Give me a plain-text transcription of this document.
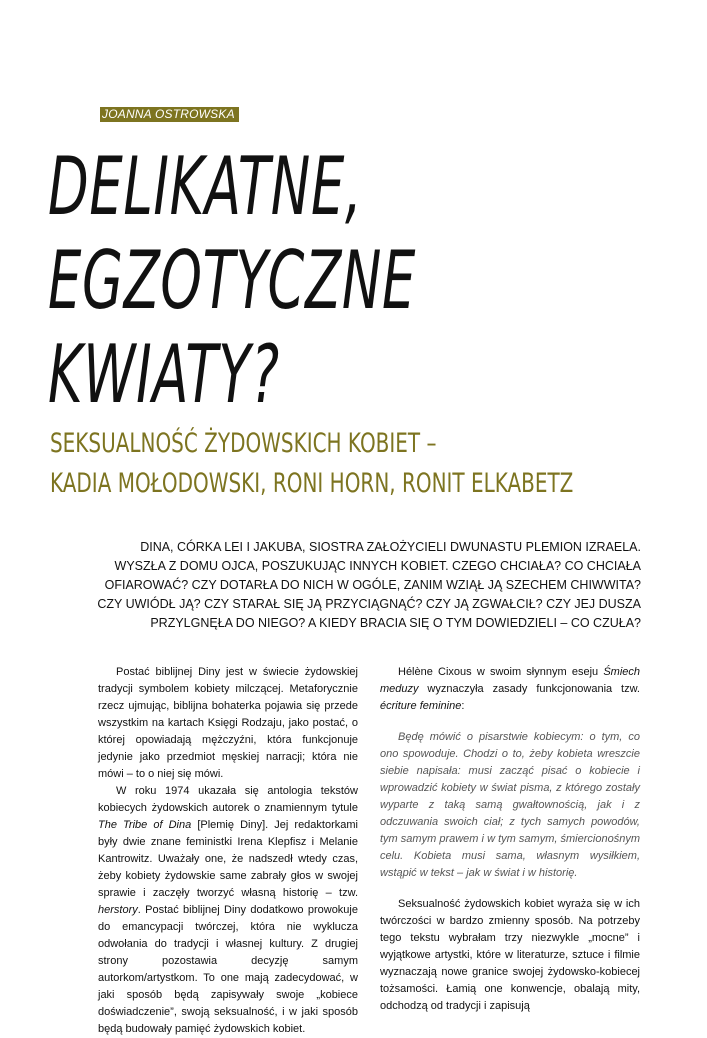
JOANNA OSTROWSKA
DELIKATNE,
EGZOTYCZNE
KWIATY?
SEKSUALNOŚĆ ŻYDOWSKICH KOBIET –
KADIA MOŁODOWSKI, RONI HORN, RONIT ELKABETZ
DINA, CÓRKA LEI I JAKUBA, SIOSTRA ZAŁOŻYCIELI DWUNASTU PLEMION IZRAELA.
WYSZŁA Z DOMU OJCA, POSZUKUJĄC INNYCH KOBIET. CZEGO CHCIAŁA? CO CHCIAŁA
OFIAROWAĆ? CZY DOTARŁA DO NICH W OGÓLE, ZANIM WZIĄŁ JĄ SZECHEM CHIWWITA?
CZY UWIÓDŁ JĄ? CZY STARAŁ SIĘ JĄ PRZYCIĄGNĄĆ? CZY JĄ ZGWAŁCIŁ? CZY JEJ DUSZA
PRZYLGNĘŁA DO NIEGO? A KIEDY BRACIA SIĘ O TYM DOWIEDZIELI – CO CZUŁA?

Postać biblijnej Diny jest w świecie żydowskiej tradycji symbolem kobiety milczącej. Metaforycznie rzecz ujmując, biblijna bohaterka pojawia się przede wszystkim na kartach Księgi Rodzaju, jako postać, o której opowiadają mężczyźni, która funkcjonuje jedynie jako przedmiot męskiej narracji; która nie mówi – to o niej się mówi.

W roku 1974 ukazała się antologia tekstów kobiecych żydowskich autorek o znamiennym tytule The Tribe of Dina [Plemię Diny]. Jej redaktorkami były dwie znane feministki Irena Klepfisz i Melanie Kantrowitz. Uważały one, że nadszedł wtedy czas, żeby kobiety żydowskie same zabrały głos w swojej sprawie i zaczęły tworzyć własną historię – tzw. herstory. Postać biblijnej Diny dodatkowo prowokuje do emancypacji twórczej, która nie wyklucza odwołania do tradycji i własnej kultury. Z drugiej strony pozostawia decyzję samym autorkom/artystkom. To one mają zadecydować, w jaki sposób będą zapisywały swoje „kobiece doświadczenie”, swoją seksualność, i w jaki sposób będą budowały pamięć żydowskich kobiet.

Hélène Cixous w swoim słynnym eseju Śmiech meduzy wyznaczyła zasady funkcjonowania tzw. écriture feminine:

Będę mówić o pisarstwie kobiecym: o tym, co ono spowoduje. Chodzi o to, żeby kobieta wreszcie siebie napisała: musi zacząć pisać o kobiecie i wprowadzić kobiety w świat pisma, z którego zostały wyparte z taką samą gwałtownością, jak i z odczuwania swoich ciał; z tych samych powodów, tym samym prawem i w tym samym, śmiercionośnym celu. Kobieta musi sama, własnym wysiłkiem, wstąpić w tekst – jak w świat i w historię.

Seksualność żydowskich kobiet wyraża się w ich twórczości w bardzo zmienny sposób. Na potrzeby tego tekstu wybrałam trzy niezwykle „mocne” i wyjątkowe artystki, które w literaturze, sztuce i filmie wyznaczają nowe granice swojej żydowsko-kobiecej tożsamości. Łamią one konwencje, obalają mity, odchodzą od tradycji i zapisują
